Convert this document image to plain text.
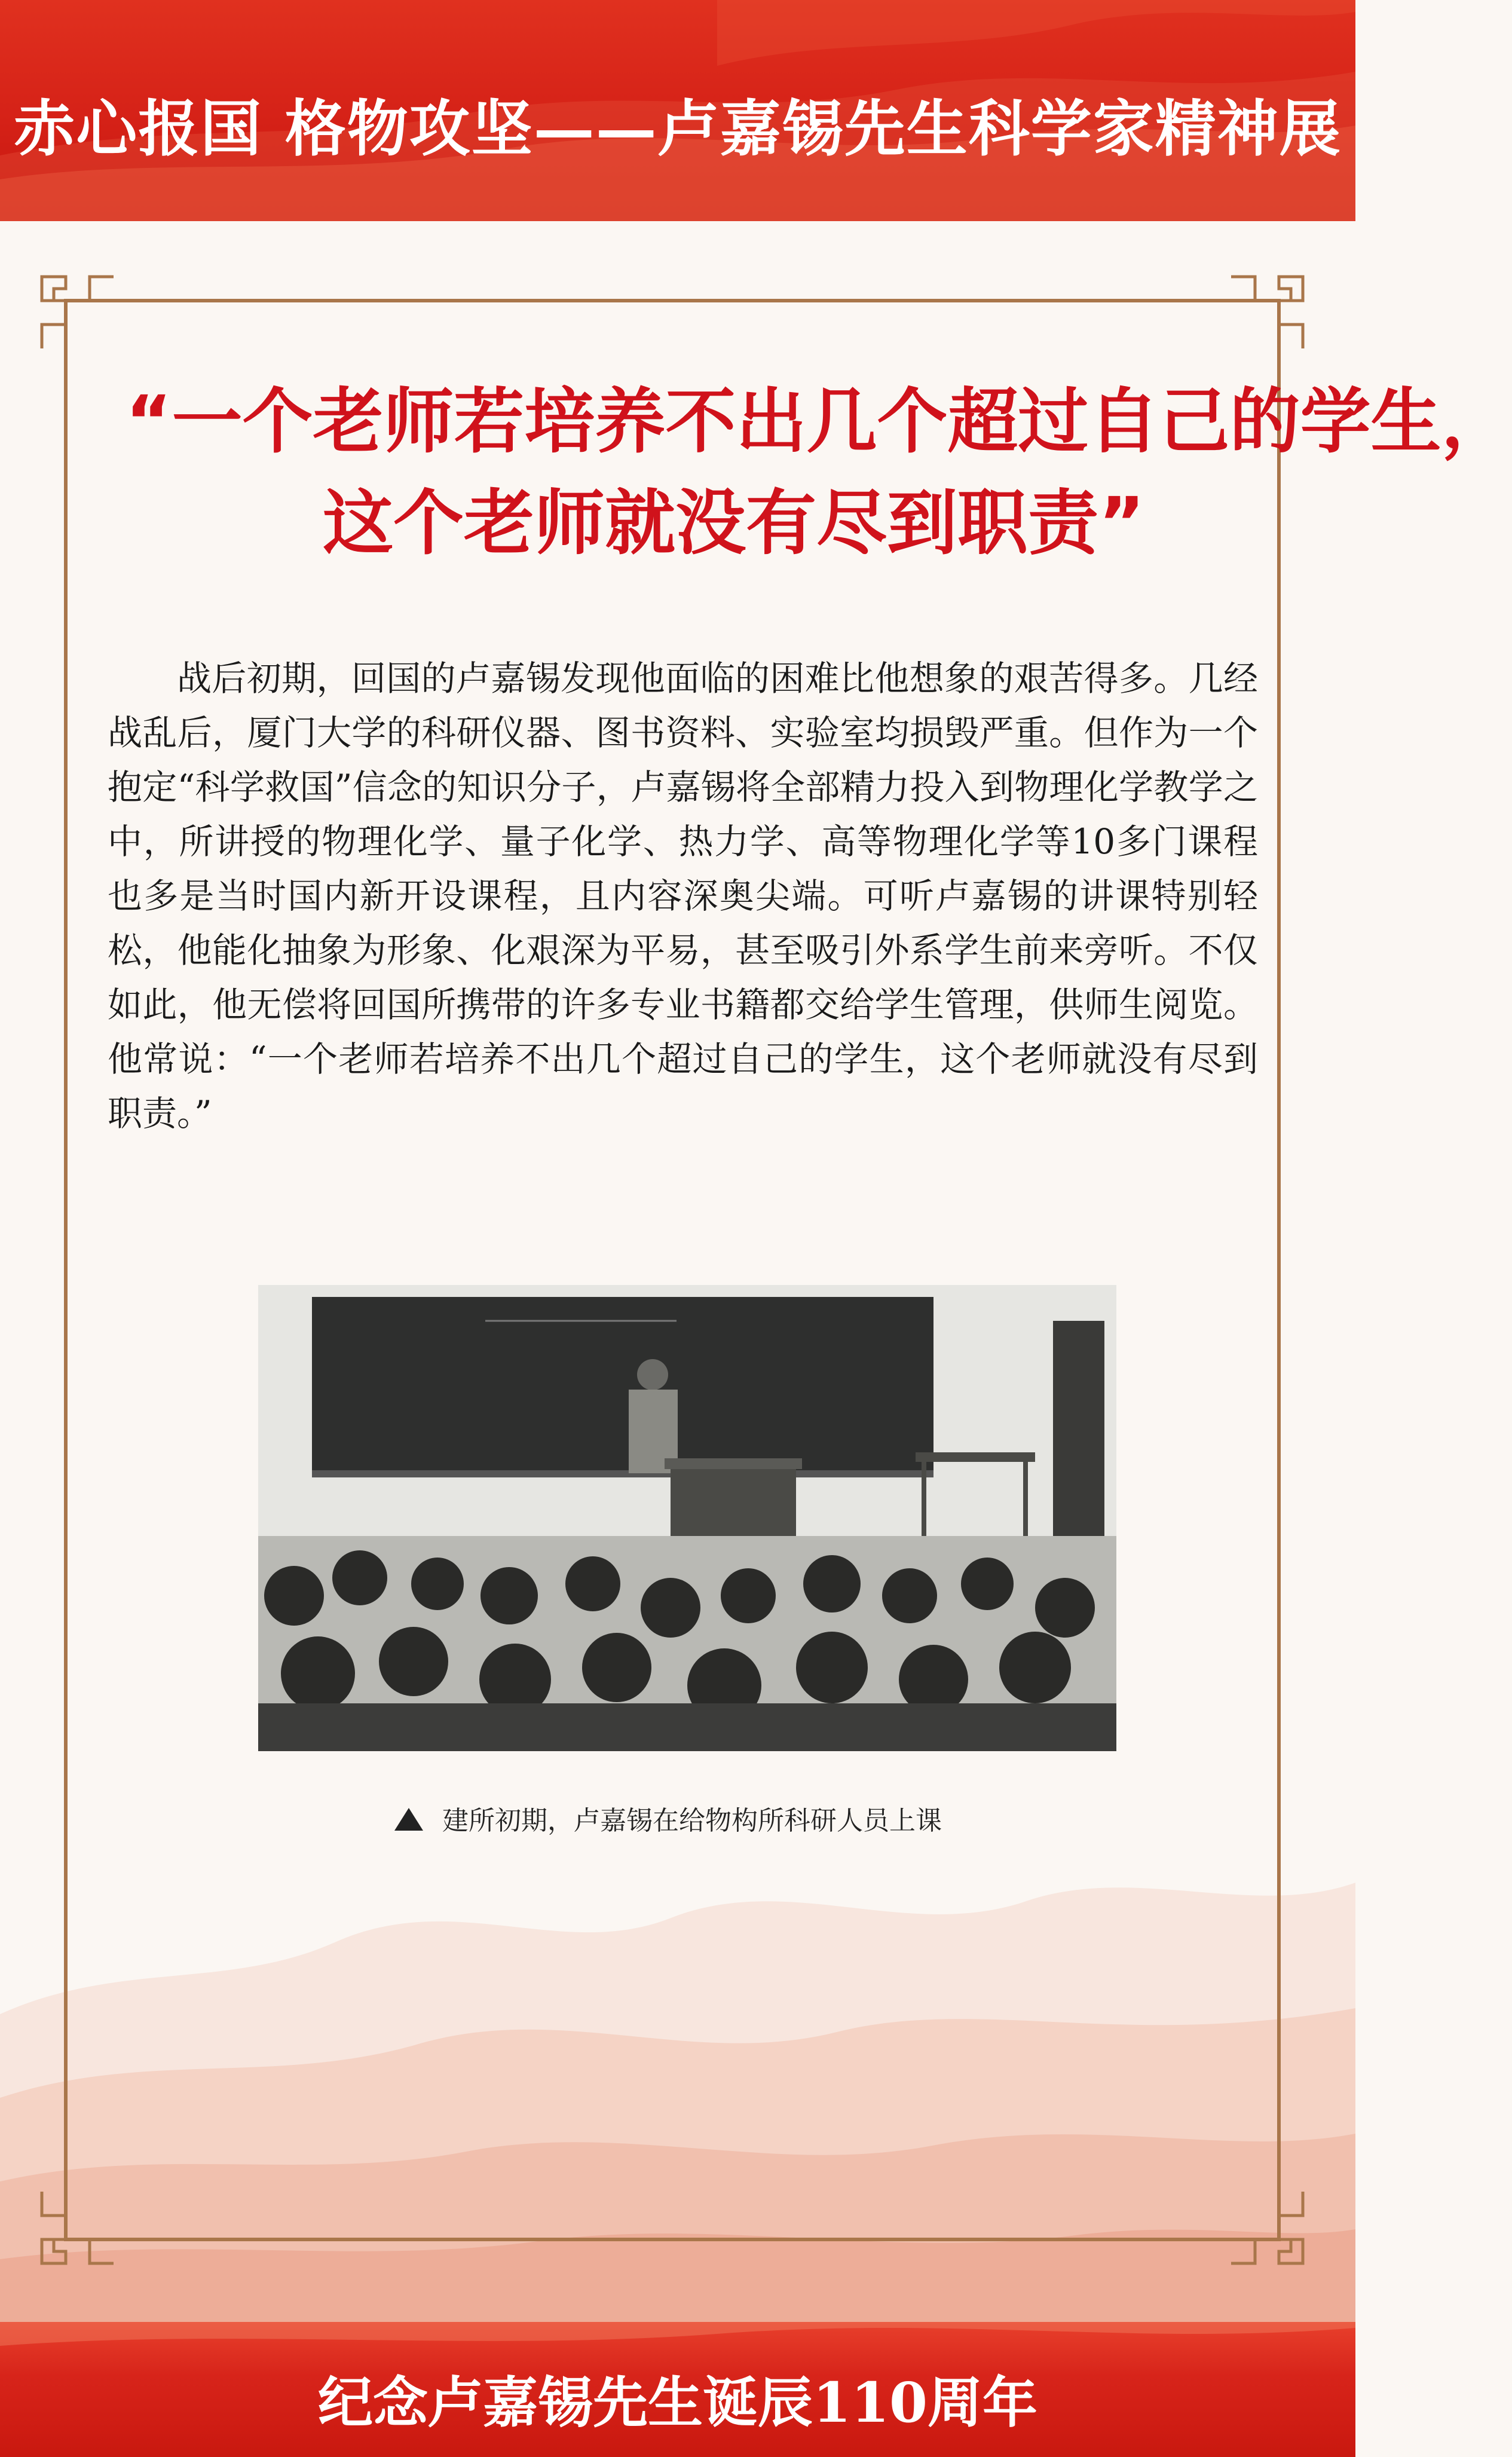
赤心报国 格物攻坚——卢嘉锡先生科学家精神展
“一个老师若培养不出几个超过自己的学生，
这个老师就没有尽到职责”
战后初期，回国的卢嘉锡发现他面临的困难比他想象的艰苦得多。几经战乱后，厦门大学的科研仪器、图书资料、实验室均损毁严重。但作为一个抱定“科学救国”信念的知识分子，卢嘉锡将全部精力投入到物理化学教学之中，所讲授的物理化学、量子化学、热力学、高等物理化学等10多门课程也多是当时国内新开设课程，且内容深奥尖端。可听卢嘉锡的讲课特别轻松，他能化抽象为形象、化艰深为平易，甚至吸引外系学生前来旁听。不仅如此，他无偿将回国所携带的许多专业书籍都交给学生管理，供师生阅览。他常说：“一个老师若培养不出几个超过自己的学生，这个老师就没有尽到职责。”
建所初期，卢嘉锡在给物构所科研人员上课
纪念卢嘉锡先生诞辰110周年
